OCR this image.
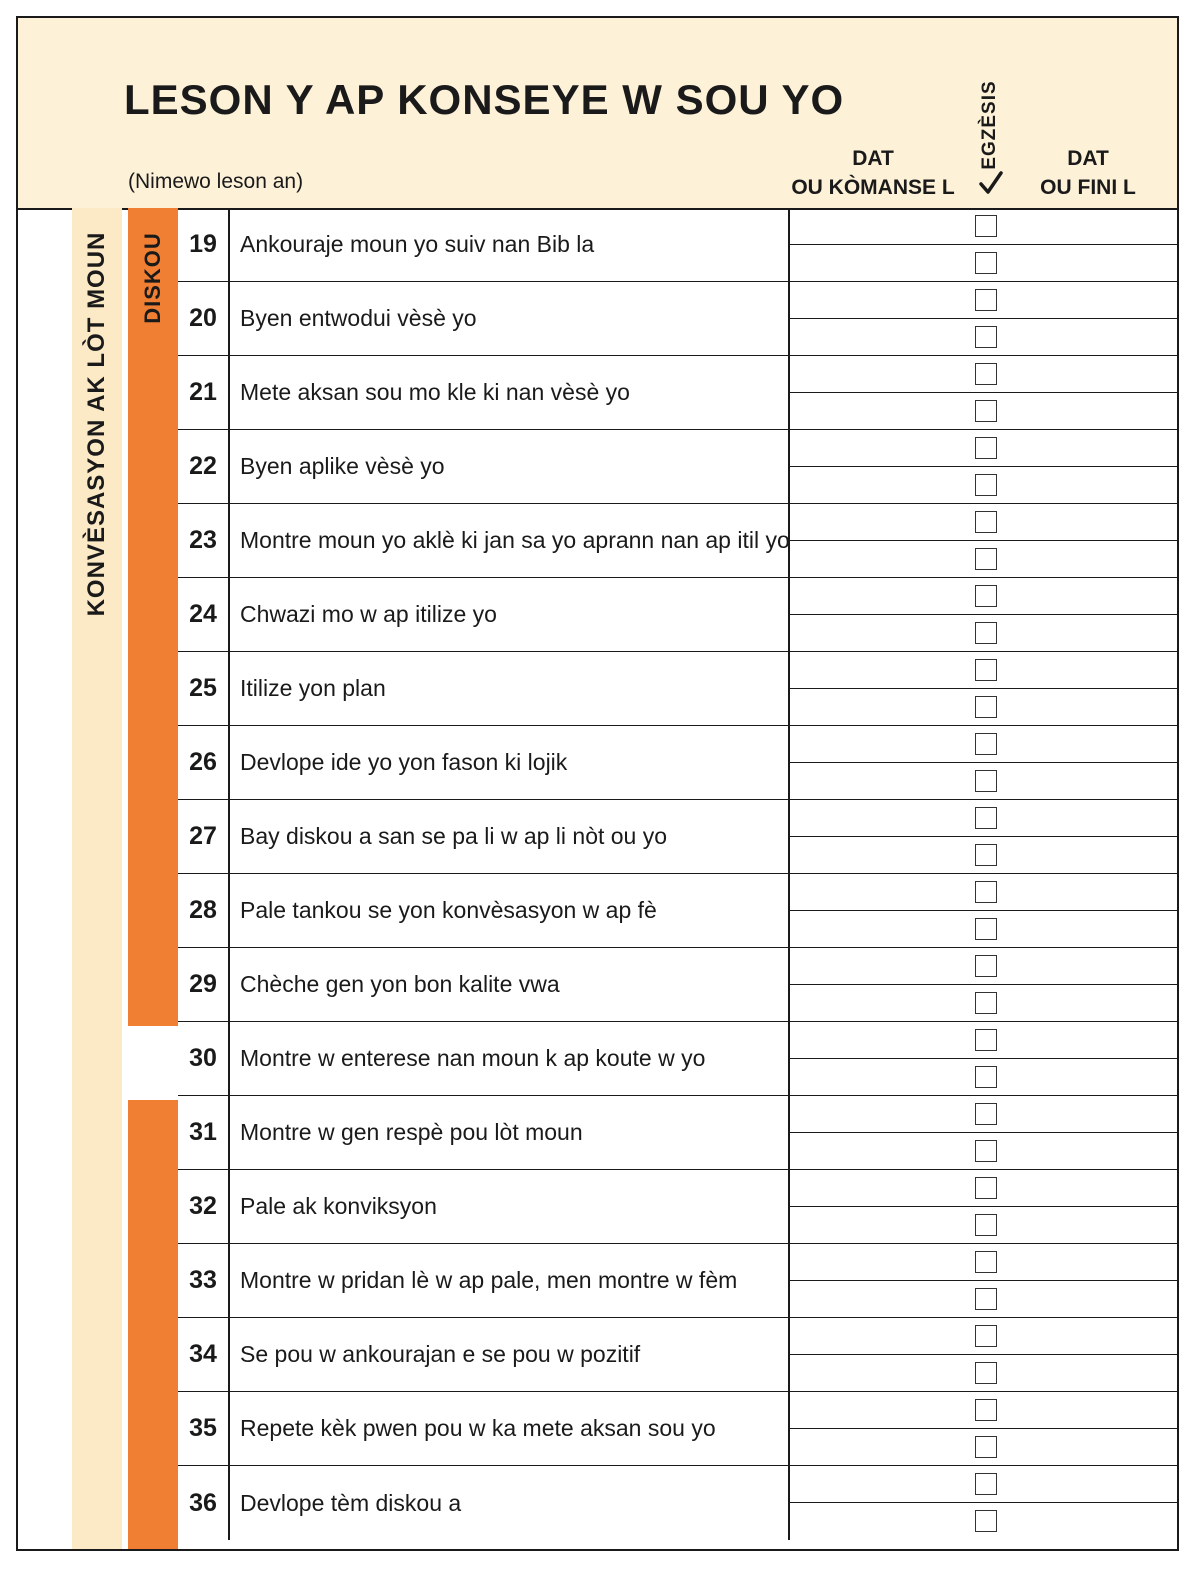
LESON Y AP KONSEYE W SOU YO
(Nimewo leson an)
DAT
OU KÒMANSE L
EGZÈSIS	DAT
OU FINI L
KONVÈSASYON AK LÒT MOUN DISKOU 19	Ankouraje moun yo suiv nan Bib la
20	Byen entwodui vèsè yo
21	Mete aksan sou mo kle ki nan vèsè yo
22	Byen aplike vèsè yo
23	Montre moun yo aklè ki jan sa yo aprann nan ap itil yo
24	Chwazi mo w ap itilize yo
25	Itilize yon plan
26	Devlope ide yo yon fason ki lojik
27	Bay diskou a san se pa li w ap li nòt ou yo
28	Pale tankou se yon konvèsasyon w ap fè
29	Chèche gen yon bon kalite vwa
30	Montre w enterese nan moun k ap koute w yo
31	Montre w gen respè pou lòt moun
32	Pale ak konviksyon
33	Montre w pridan lè w ap pale, men montre w fèm
34	Se pou w ankourajan e se pou w pozitif
35	Repete kèk pwen pou w ka mete aksan sou yo
36	Devlope tèm diskou a
